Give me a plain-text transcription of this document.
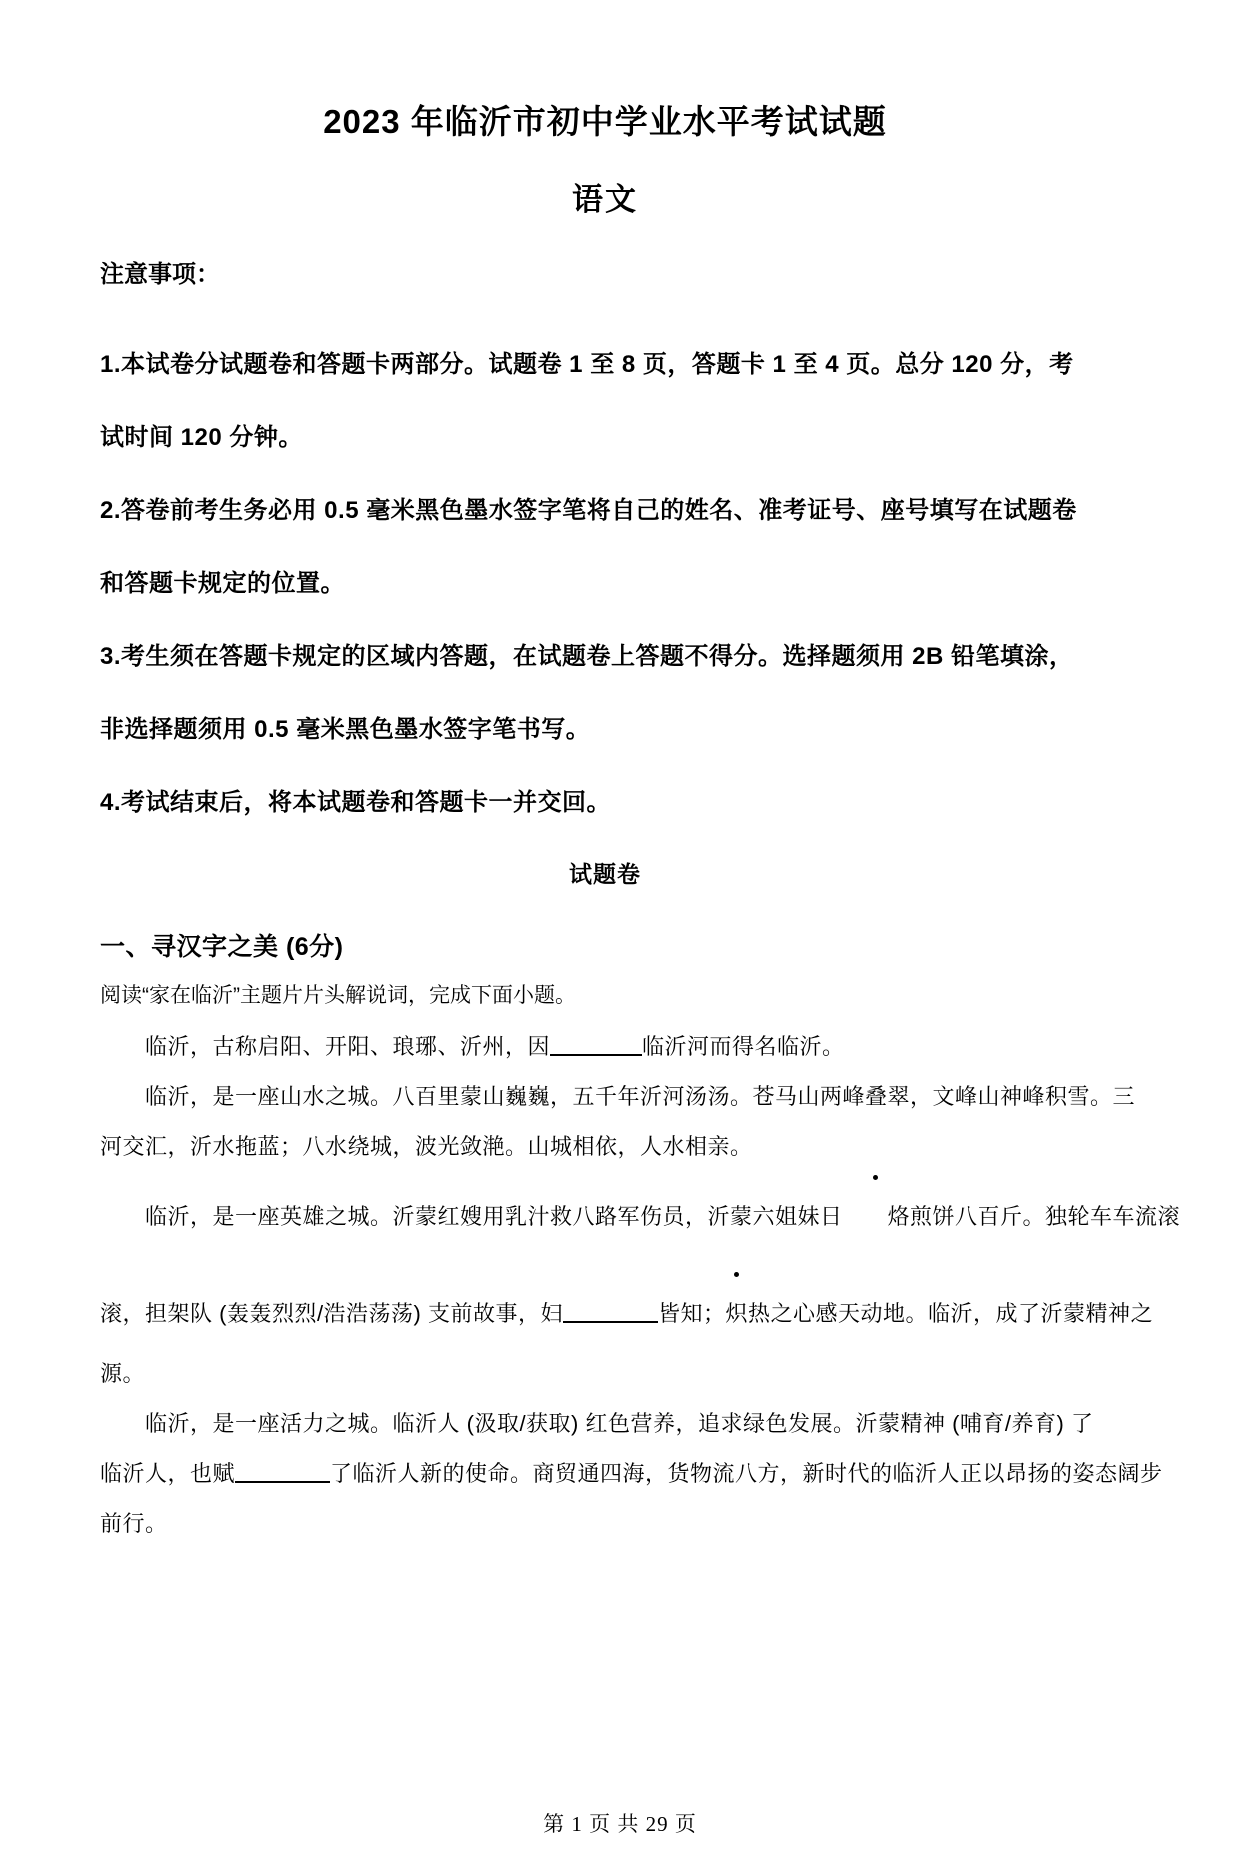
2023 年临沂市初中学业水平考试试题
语文
注意事项：
1.本试卷分试题卷和答题卡两部分。试题卷 1 至 8 页，答题卡 1 至 4 页。总分 120 分，考
试时间 120 分钟。
2.答卷前考生务必用 0.5 毫米黑色墨水签字笔将自己的姓名、准考证号、座号填写在试题卷
和答题卡规定的位置。
3.考生须在答题卡规定的区域内答题，在试题卷上答题不得分。选择题须用 2B 铅笔填涂，
非选择题须用 0.5 毫米黑色墨水签字笔书写。
4.考试结束后，将本试题卷和答题卡一并交回。
试题卷
一、寻汉字之美 (6分)
阅读“家在临沂”主题片片头解说词，完成下面小题。
临沂，古称启阳、开阳、琅琊、沂州，因	临沂河而得名临沂。
临沂，是一座山水之城。八百里蒙山巍巍，五千年沂河汤汤。苍马山两峰叠翠，文峰山神峰积雪。三
河交汇，沂水拖蓝；八水绕城，波光敛滟。山城相依，人水相亲。
临沂，是一座英雄之城。沂蒙红嫂用乳汁救八路军伤员，沂蒙六姐妹日 烙煎饼八百斤。独轮车车流滚
滚，担架队 (轰轰烈烈/浩浩荡荡) 支前故事，妇	皆知；炽热之心感天动地。临沂，成了沂蒙精神之
源。
临沂，是一座活力之城。临沂人 (汲取/获取) 红色营养，追求绿色发展。沂蒙精神 (哺育/养育) 了
临沂人，也赋	了临沂人新的使命。商贸通四海，货物流八方，新时代的临沂人正以昂扬的姿态阔步
前行。
第 1 页 共 29 页
